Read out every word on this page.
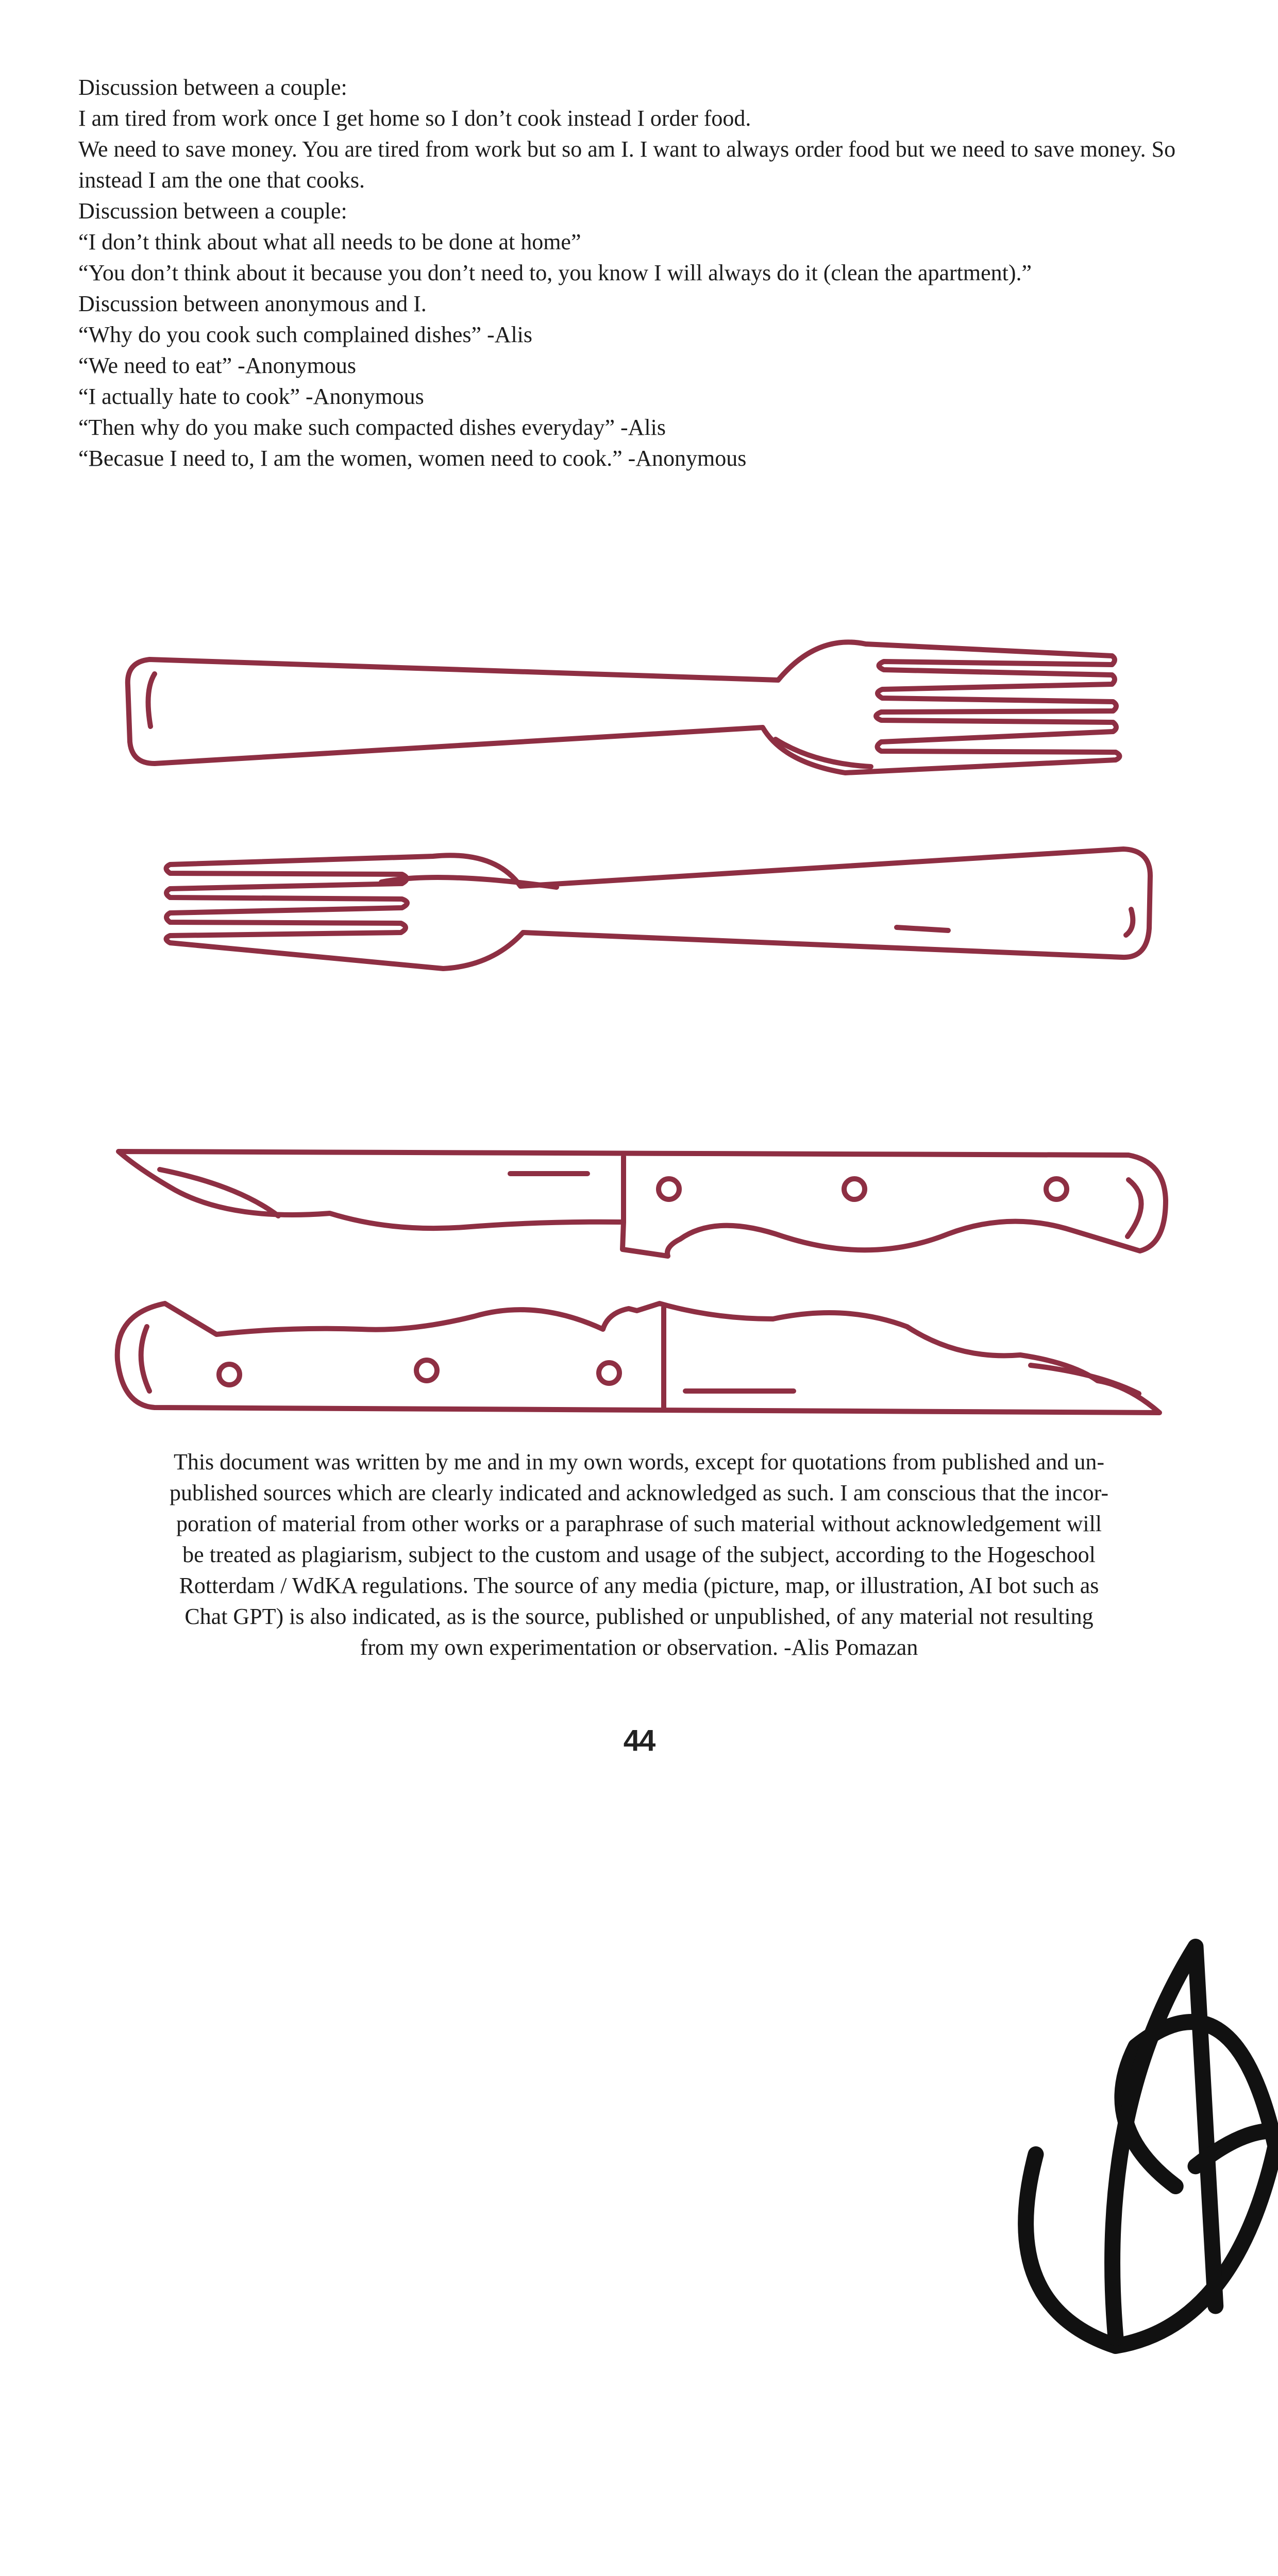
Discussion between a couple:
I am tired from work once I get home so I don’t cook instead I order food.
We need to save money. You are tired from work but so am I. I want to always order food but we need to save money. So instead I am the one that cooks.
Discussion between a couple:
“I don’t think about what all needs to be done at home”
“You don’t think about it because you don’t need to, you know I will always do it (clean the apartment).”
Discussion between anonymous and I.
“Why do you cook such complained dishes” -Alis
“We need to eat” -Anonymous
“I actually hate to cook” -Anonymous
“Then why do you make such compacted dishes everyday” -Alis
“Becasue I need to, I am the women, women need to cook.” -Anonymous
This document was written by me and in my own words, except for quotations from published and un-
published sources which are clearly indicated and acknowledged as such. I am conscious that the incor-
poration of material from other works or a paraphrase of such material without acknowledgement will
be treated as plagiarism, subject to the custom and usage of the subject, according to the Hogeschool
Rotterdam / WdKA regulations. The source of any media (picture, map, or illustration, AI bot such as
Chat GPT) is also indicated, as is the source, published or unpublished, of any material not resulting
from my own experimentation or observation. -Alis Pomazan
44
